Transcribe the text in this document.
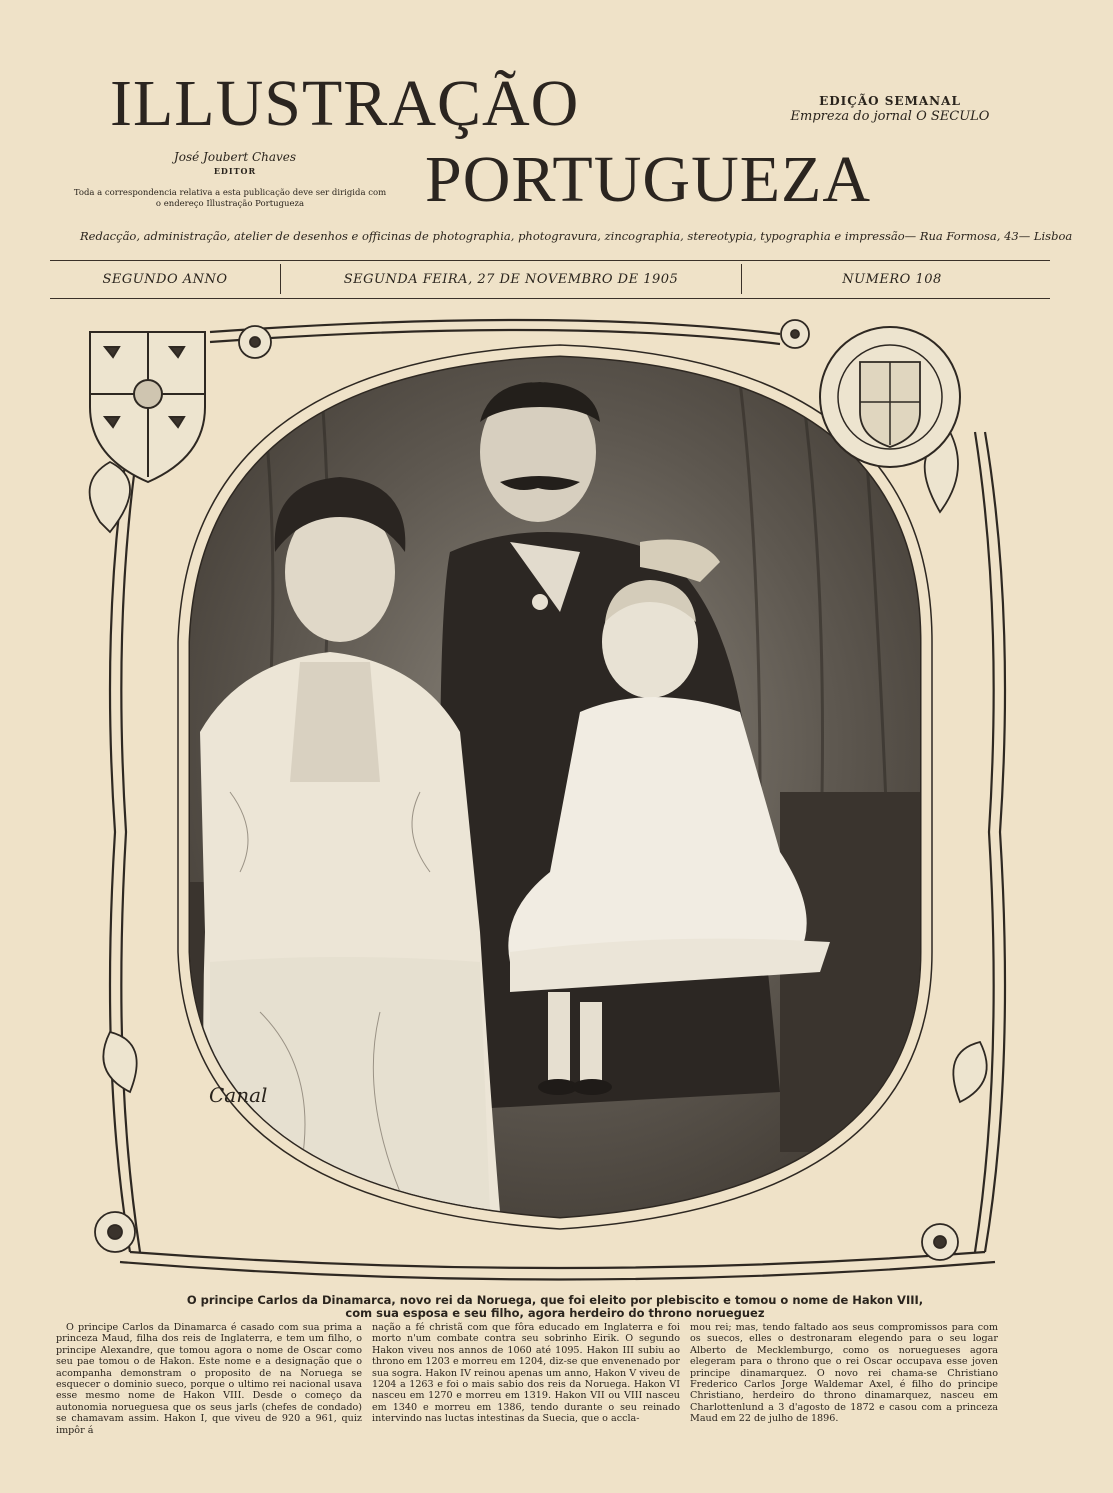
ILLUSTRAÇÃO
PORTUGUEZA
José Joubert Chaves
EDITOR
Toda a correspondencia relativa a esta publicação deve ser dirigida com o endereço Illustração Portugueza
EDIÇÃO SEMANAL
Empreza do jornal O SECULO
Redacção, administração, atelier de desenhos e officinas de photographia, photogravura, zincographia, stereotypia, typographia e impressão— Rua Formosa, 43— Lisboa
SEGUNDO ANNO	SEGUNDA FEIRA, 27 DE NOVEMBRO DE 1905	NUMERO 108
Canal
O principe Carlos da Dinamarca, novo rei da Noruega, que foi eleito por plebiscito e tomou o nome de Hakon VIII,
com sua esposa e seu filho, agora herdeiro do throno norueguez

O principe Carlos da Dinamarca é casado com sua prima a princeza Maud, filha dos reis de Inglaterra, e tem um filho, o principe Alexandre, que tomou agora o nome de Oscar como seu pae tomou o de Hakon. Este nome e a designação que o acompanha demonstram o proposito de na Noruega se esquecer o dominio sueco, porque o ultimo rei nacional usava esse mesmo nome de Hakon VIII. Desde o começo da autonomia norueguesa que os seus jarls (chefes de condado) se chamavam assim. Hakon I, que viveu de 920 a 961, quiz impôr á

nação a fé christã com que fôra educado em Inglaterra e foi morto n'um combate contra seu sobrinho Eirik. O segundo Hakon viveu nos annos de 1060 até 1095. Hakon III subiu ao throno em 1203 e morreu em 1204, diz-se que envenenado por sua sogra. Hakon IV reinou apenas um anno, Hakon V viveu de 1204 a 1263 e foi o mais sabio dos reis da Noruega. Hakon VI nasceu em 1270 e morreu em 1319. Hakon VII ou VIII nasceu em 1340 e morreu em 1386, tendo durante o seu reinado intervindo nas luctas intestinas da Suecia, que o accla-

mou rei; mas, tendo faltado aos seus compromissos para com os suecos, elles o destronaram elegendo para o seu logar Alberto de Mecklemburgo, como os noruegueses agora elegeram para o throno que o rei Oscar occupava esse joven principe dinamarquez. O novo rei chama-se Christiano Frederico Carlos Jorge Waldemar Axel, é filho do principe Christiano, herdeiro do throno dinamarquez, nasceu em Charlottenlund a 3 d'agosto de 1872 e casou com a princeza Maud em 22 de julho de 1896.
